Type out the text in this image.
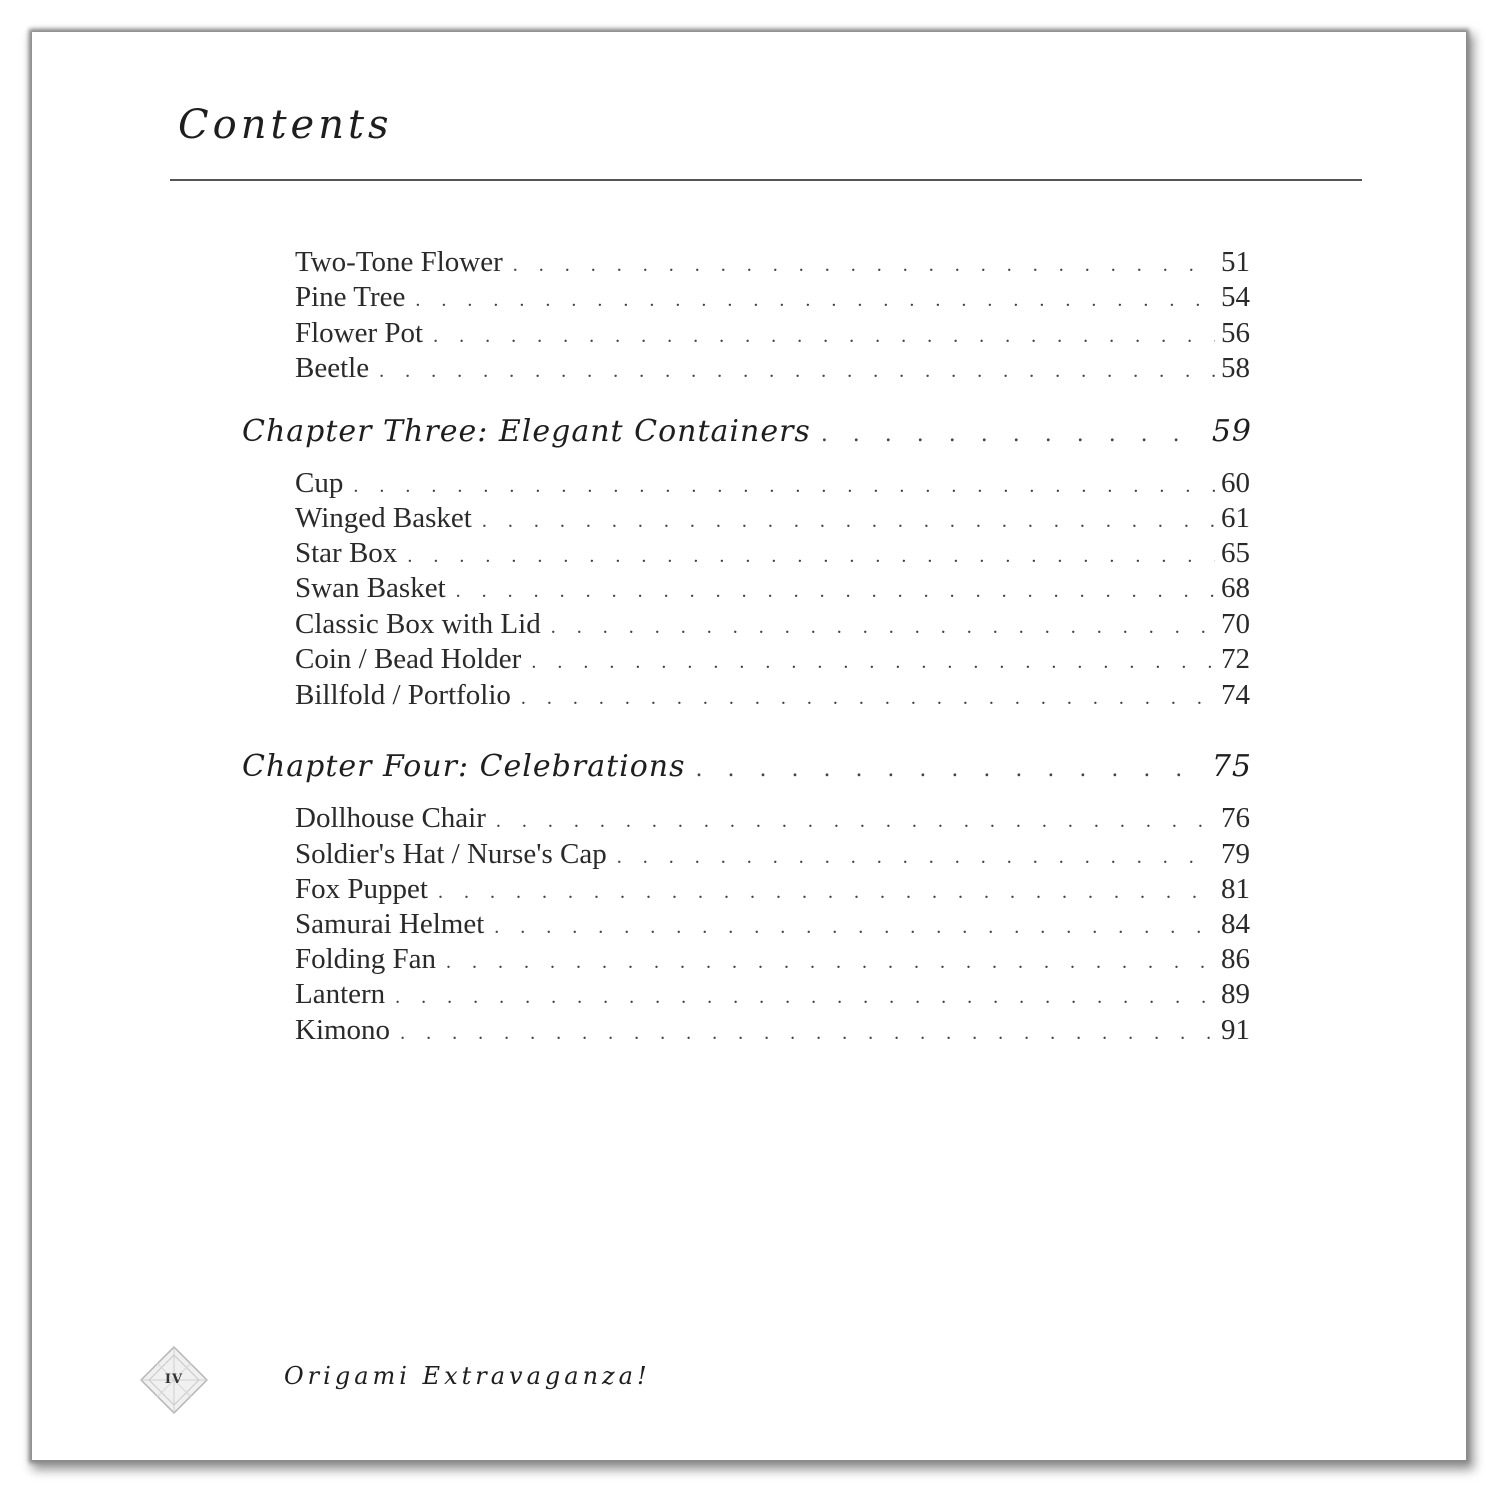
Contents
Two-Tone Flower . . .	51
Pine Tree . . .	54
Flower Pot . . .	56
Beetle . . .	58
Chapter Three: Elegant Containers . . .	59
Cup . . .	60
Winged Basket . . .	61
Star Box . . .	65
Swan Basket . . .	68
Classic Box with Lid . . .	70
Coin / Bead Holder . . .	72
Billfold / Portfolio . . .	74
Chapter Four: Celebrations . . .	75
Dollhouse Chair . . .	76
Soldier's Hat / Nurse's Cap . . .	79
Fox Puppet . . .	81
Samurai Helmet . . .	84
Folding Fan . . .	86
Lantern . . .	89
Kimono . . .	91
IV	Origami Extravaganza!
